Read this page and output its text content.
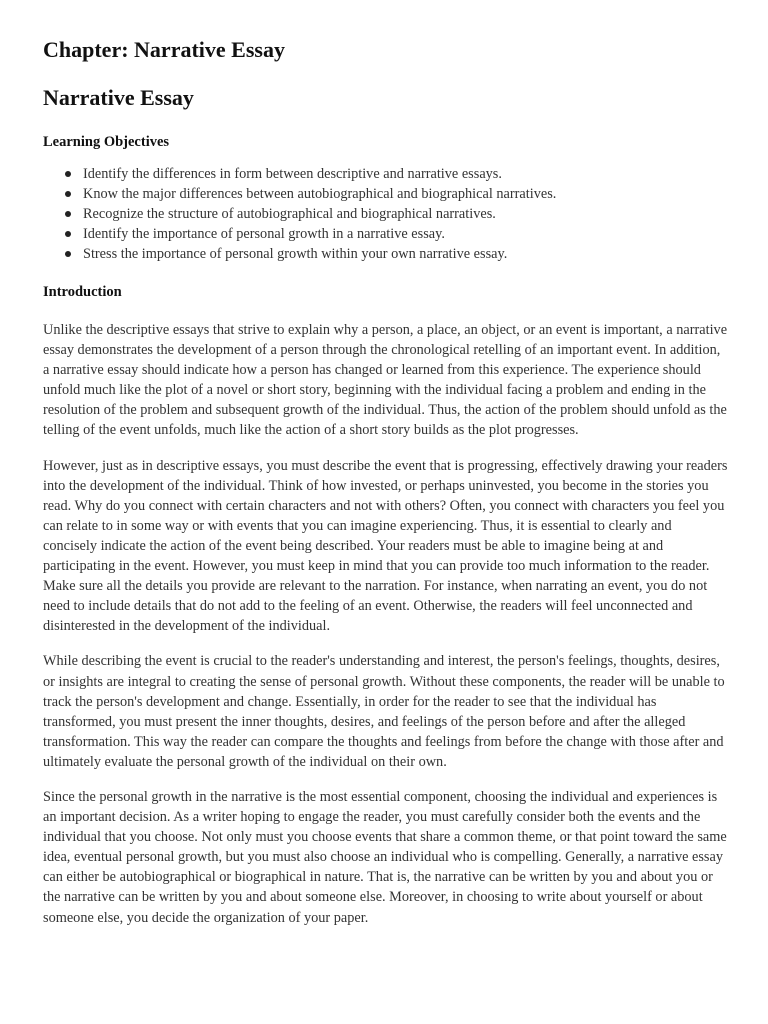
Chapter: Narrative Essay
Narrative Essay
Learning Objectives
Identify the differences in form between descriptive and narrative essays.
Know the major differences between autobiographical and biographical narratives.
Recognize the structure of autobiographical and biographical narratives.
Identify the importance of personal growth in a narrative essay.
Stress the importance of personal growth within your own narrative essay.
Introduction

Unlike the descriptive essays that strive to explain why a person, a place, an object, or an event is important, a narrative essay demonstrates the development of a person through the chronological retelling of an important event. In addition, a narrative essay should indicate how a person has changed or learned from this experience. The experience should unfold much like the plot of a novel or short story, beginning with the individual facing a problem and ending in the resolution of the problem and subsequent growth of the individual. Thus, the action of the problem should unfold as the telling of the event unfolds, much like the action of a short story builds as the plot progresses.

However, just as in descriptive essays, you must describe the event that is progressing, effectively drawing your readers into the development of the individual. Think of how invested, or perhaps uninvested, you become in the stories you read. Why do you connect with certain characters and not with others? Often, you connect with characters you feel you can relate to in some way or with events that you can imagine experiencing. Thus, it is essential to clearly and concisely indicate the action of the event being described. Your readers must be able to imagine being at and participating in the event. However, you must keep in mind that you can provide too much information to the reader. Make sure all the details you provide are relevant to the narration. For instance, when narrating an event, you do not need to include details that do not add to the feeling of an event. Otherwise, the readers will feel unconnected and disinterested in the development of the individual.

While describing the event is crucial to the reader's understanding and interest, the person's feelings, thoughts, desires, or insights are integral to creating the sense of personal growth. Without these components, the reader will be unable to track the person's development and change. Essentially, in order for the reader to see that the individual has transformed, you must present the inner thoughts, desires, and feelings of the person before and after the alleged transformation. This way the reader can compare the thoughts and feelings from before the change with those after and ultimately evaluate the personal growth of the individual on their own.

Since the personal growth in the narrative is the most essential component, choosing the individual and experiences is an important decision. As a writer hoping to engage the reader, you must carefully consider both the events and the individual that you choose. Not only must you choose events that share a common theme, or that point toward the same idea, eventual personal growth, but you must also choose an individual who is compelling. Generally, a narrative essay can either be autobiographical or biographical in nature. That is, the narrative can be written by you and about you or the narrative can be written by you and about someone else. Moreover, in choosing to write about yourself or about someone else, you decide the organization of your paper.
